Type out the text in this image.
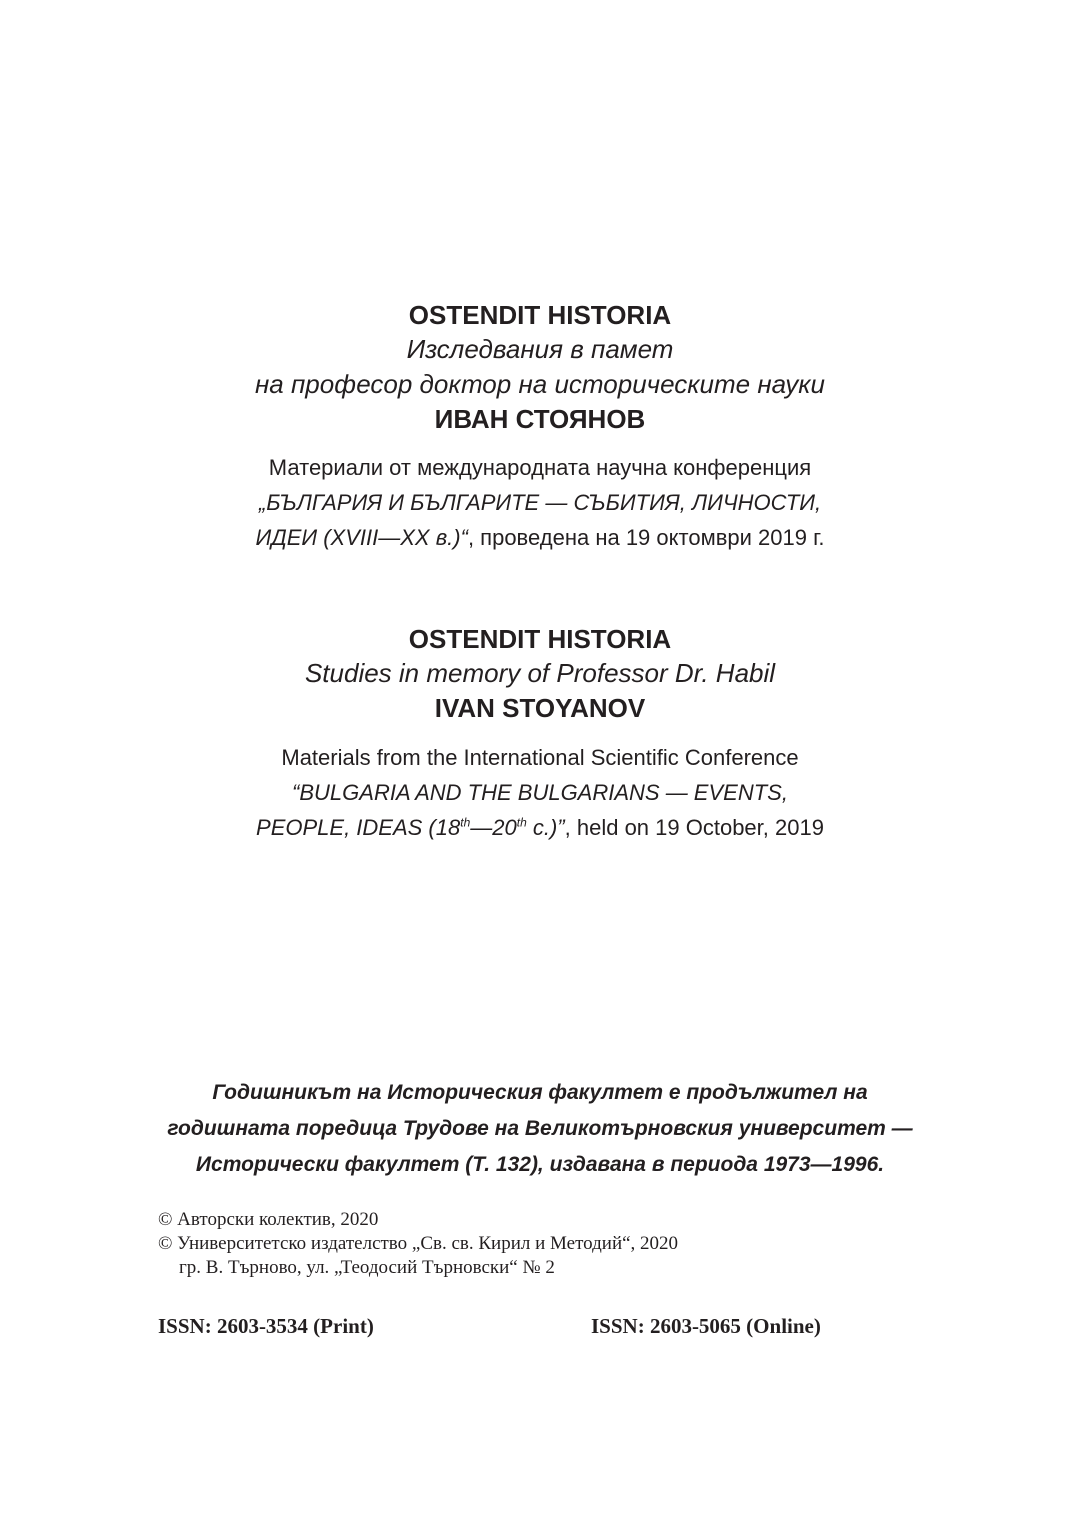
OSTENDIT HISTORIA
Изследвания в памет
на професор доктор на историческите науки
ИВАН СТОЯНОВ
Материали от международната научна конференция
„БЪЛГАРИЯ И БЪЛГАРИТЕ — СЪБИТИЯ, ЛИЧНОСТИ,
ИДЕИ (XVIII—XX в.)“, проведена на 19 октомври 2019 г.
OSTENDIT HISTORIA
Studies in memory of Professor Dr. Habil
IVAN STOYANOV
Materials from the International Scientific Conference
“BULGARIA AND THE BULGARIANS — EVENTS,
PEOPLE, IDEAS (18th—20th c.)”, held on 19 October, 2019
Годишникът на Историческия факултет е продължител на
годишната поредица Трудове на Великотърновския университет —
Исторически факултет (Т. 132), издавана в периода 1973—1996.
© Авторски колектив, 2020
© Университетско издателство „Св. св. Кирил и Методий“, 2020
гр. В. Търново, ул. „Теодосий Търновски“ № 2
ISSN: 2603-3534 (Print)	ISSN: 2603-5065 (Online)
